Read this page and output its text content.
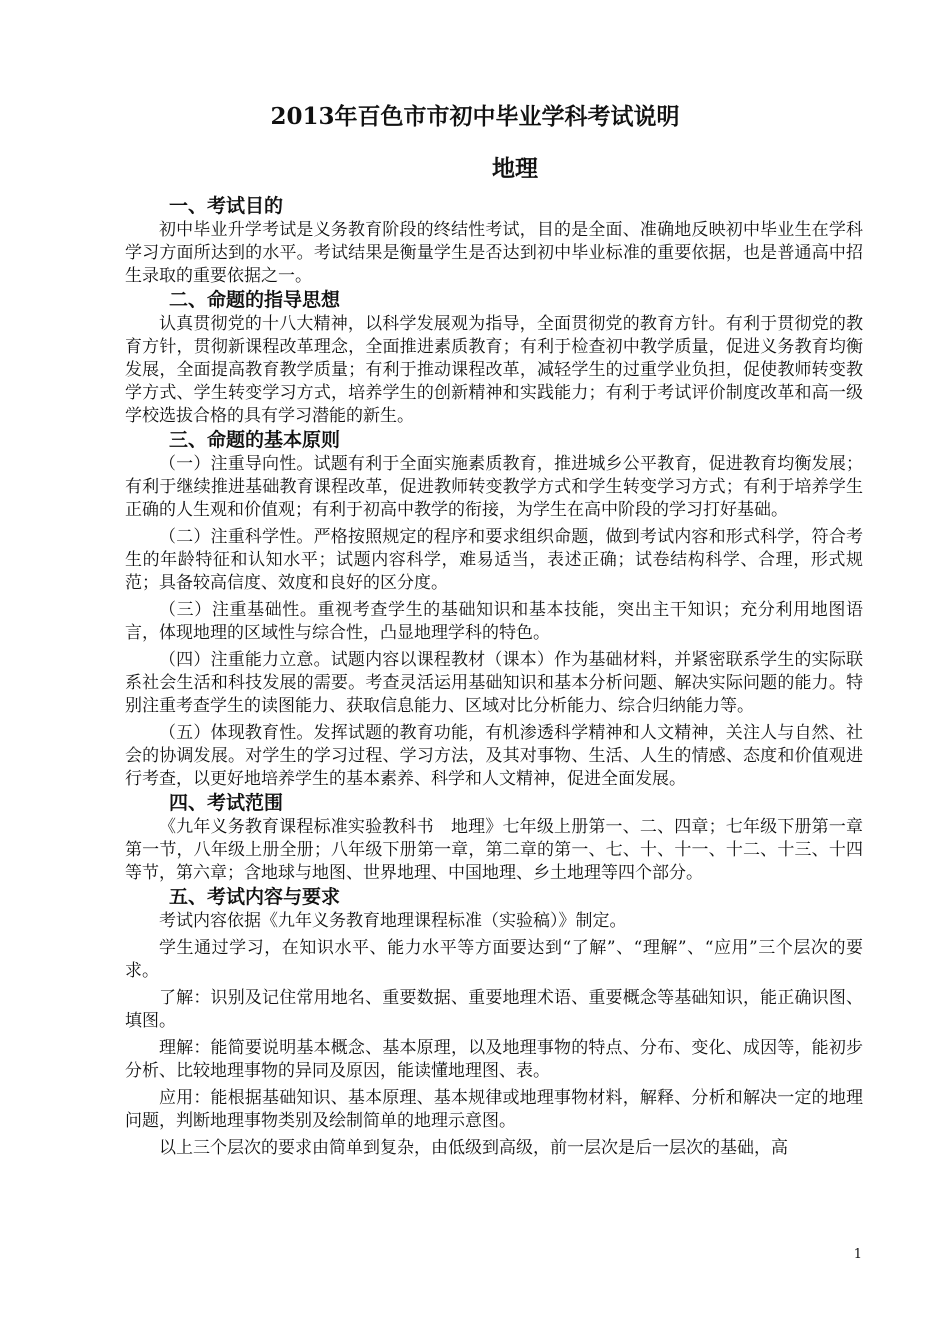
2013年百色市市初中毕业学科考试说明
地理
一、考试目的

初中毕业升学考试是义务教育阶段的终结性考试，目的是全面、准确地反映初中毕业生在学科学习方面所达到的水平。考试结果是衡量学生是否达到初中毕业标准的重要依据，也是普通高中招生录取的重要依据之一。

二、命题的指导思想

认真贯彻党的十八大精神，以科学发展观为指导，全面贯彻党的教育方针。有利于贯彻党的教育方针，贯彻新课程改革理念，全面推进素质教育；有利于检查初中教学质量，促进义务教育均衡发展，全面提高教育教学质量；有利于推动课程改革，减轻学生的过重学业负担，促使教师转变教学方式、学生转变学习方式，培养学生的创新精神和实践能力；有利于考试评价制度改革和高一级学校选拔合格的具有学习潜能的新生。

三、命题的基本原则

（一）注重导向性。试题有利于全面实施素质教育，推进城乡公平教育，促进教育均衡发展；有利于继续推进基础教育课程改革，促进教师转变教学方式和学生转变学习方式；有利于培养学生正确的人生观和价值观；有利于初高中教学的衔接，为学生在高中阶段的学习打好基础。

（二）注重科学性。严格按照规定的程序和要求组织命题，做到考试内容和形式科学，符合考生的年龄特征和认知水平；试题内容科学，难易适当，表述正确；试卷结构科学、合理，形式规范；具备较高信度、效度和良好的区分度。

（三）注重基础性。重视考查学生的基础知识和基本技能，突出主干知识；充分利用地图语言，体现地理的区域性与综合性，凸显地理学科的特色。

（四）注重能力立意。试题内容以课程教材（课本）作为基础材料，并紧密联系学生的实际联系社会生活和科技发展的需要。考查灵活运用基础知识和基本分析问题、解决实际问题的能力。特别注重考查学生的读图能力、获取信息能力、区域对比分析能力、综合归纳能力等。

（五）体现教育性。发挥试题的教育功能，有机渗透科学精神和人文精神，关注人与自然、社会的协调发展。对学生的学习过程、学习方法，及其对事物、生活、人生的情感、态度和价值观进行考查，以更好地培养学生的基本素养、科学和人文精神，促进全面发展。

四、考试范围

《九年义务教育课程标准实验教科书　地理》七年级上册第一、二、四章；七年级下册第一章第一节，八年级上册全册；八年级下册第一章，第二章的第一、七、十、十一、十二、十三、十四等节，第六章；含地球与地图、世界地理、中国地理、乡土地理等四个部分。

五、考试内容与要求

考试内容依据《九年义务教育地理课程标准（实验稿）》制定。

学生通过学习，在知识水平、能力水平等方面要达到“了解”、“理解”、“应用”三个层次的要求。

了解：识别及记住常用地名、重要数据、重要地理术语、重要概念等基础知识，能正确识图、填图。

理解：能简要说明基本概念、基本原理，以及地理事物的特点、分布、变化、成因等，能初步分析、比较地理事物的异同及原因，能读懂地理图、表。

应用：能根据基础知识、基本原理、基本规律或地理事物材料，解释、分析和解决一定的地理问题，判断地理事物类别及绘制简单的地理示意图。

以上三个层次的要求由简单到复杂，由低级到高级，前一层次是后一层次的基础，高

1
